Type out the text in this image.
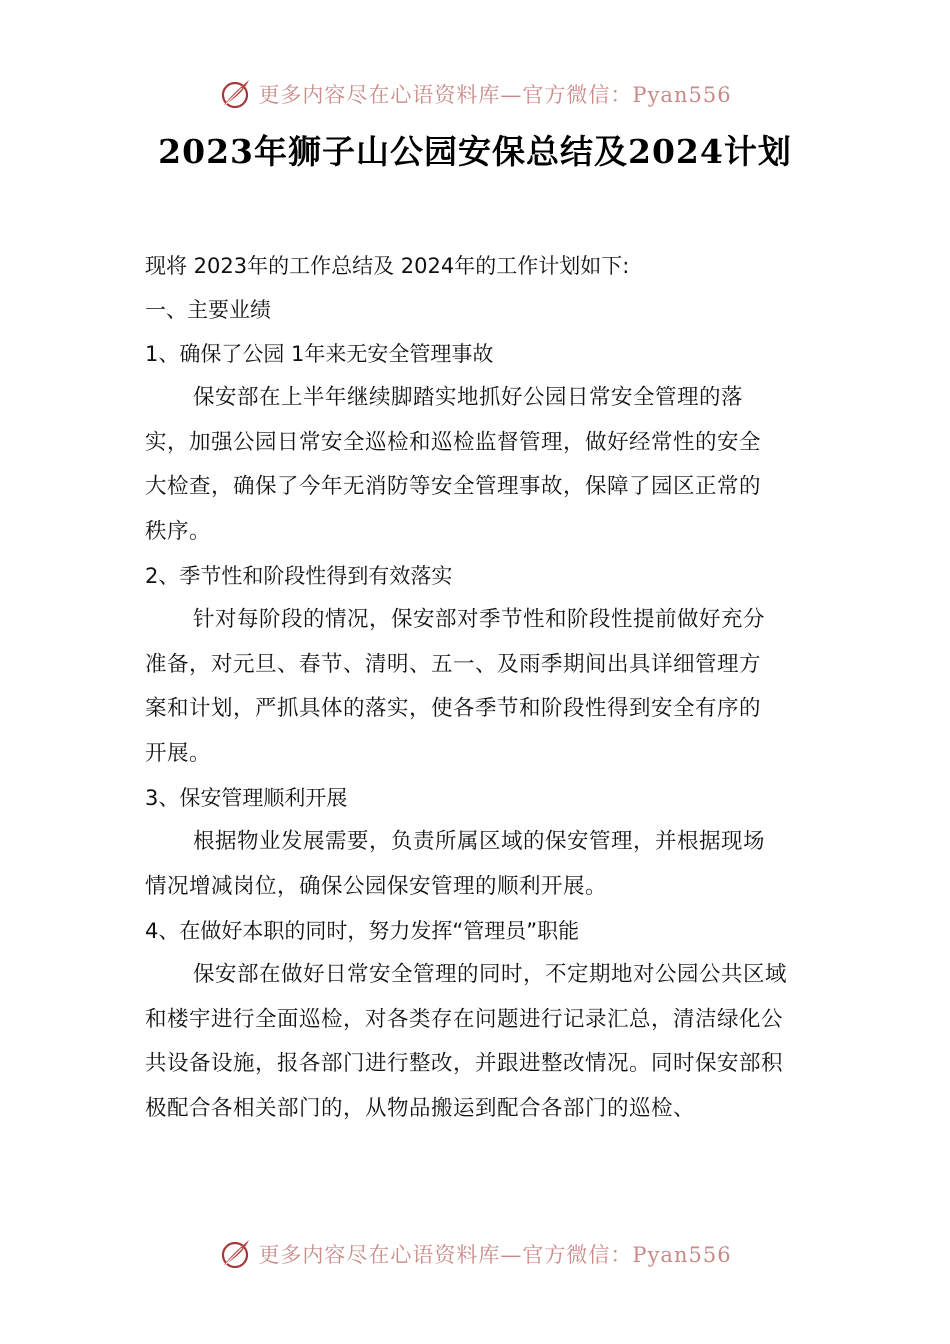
更多内容尽在心语资料库—官方微信：Pyan556
2023年狮子山公园安保总结及2024计划
现将 2023年的工作总结及 2024年的工作计划如下:
一、主要业绩
1、确保了公园 1年来无安全管理事故
保安部在上半年继续脚踏实地抓好公园日常安全管理的落
实，加强公园日常安全巡检和巡检监督管理，做好经常性的安全
大检查，确保了今年无消防等安全管理事故，保障了园区正常的
秩序。
2、季节性和阶段性得到有效落实
针对每阶段的情况，保安部对季节性和阶段性提前做好充分
准备，对元旦、春节、清明、五一、及雨季期间出具详细管理方
案和计划，严抓具体的落实，使各季节和阶段性得到安全有序的
开展。
3、保安管理顺利开展
根据物业发展需要，负责所属区域的保安管理，并根据现场
情况增减岗位，确保公园保安管理的顺利开展。
4、在做好本职的同时，努力发挥“管理员”职能
保安部在做好日常安全管理的同时，不定期地对公园公共区域
和楼宇进行全面巡检，对各类存在问题进行记录汇总，清洁绿化公
共设备设施，报各部门进行整改，并跟进整改情况。同时保安部积
极配合各相关部门的，从物品搬运到配合各部门的巡检、
更多内容尽在心语资料库—官方微信：Pyan556
